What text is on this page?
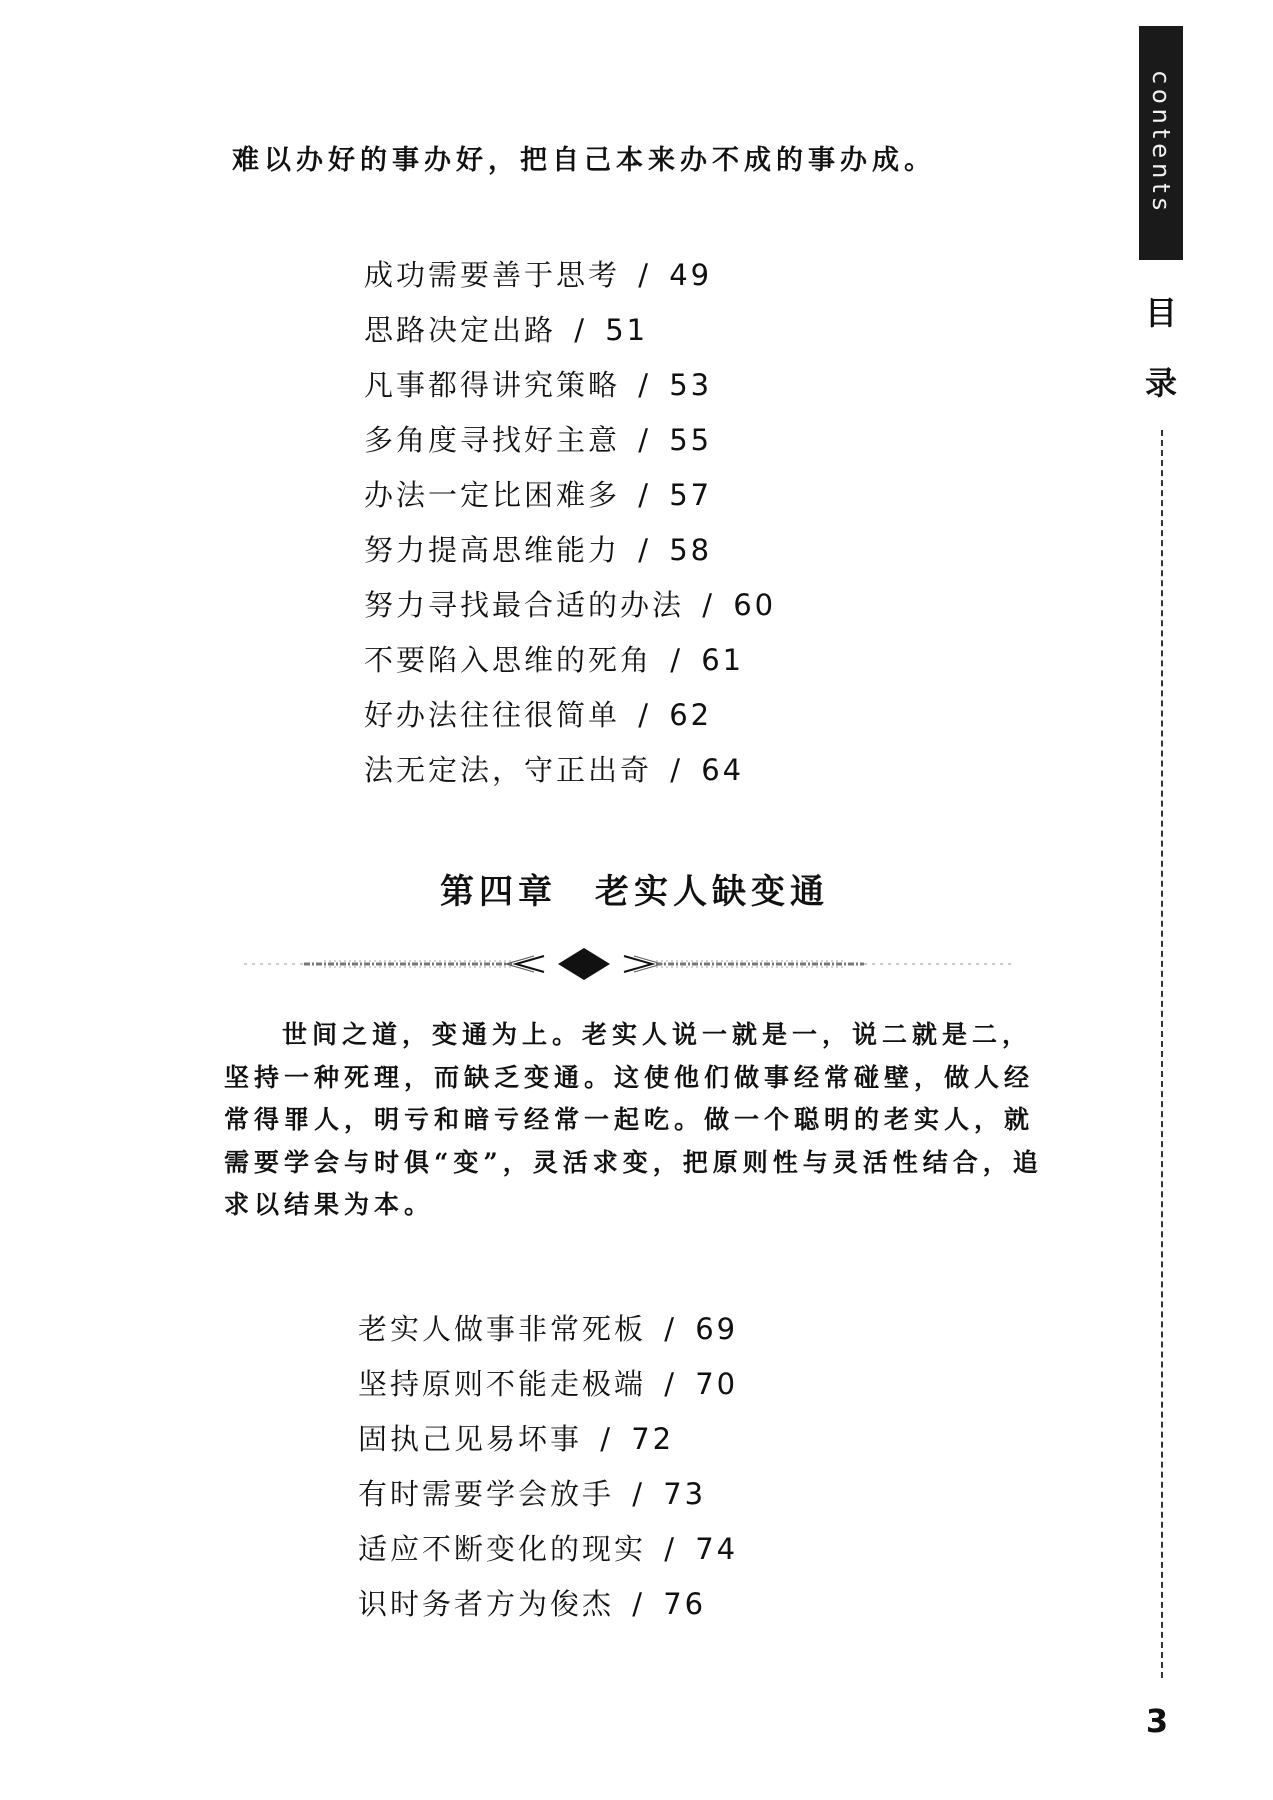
难以办好的事办好，把自己本来办不成的事办成。
成功需要善于思考 / 49
思路决定出路 / 51
凡事都得讲究策略 / 53
多角度寻找好主意 / 55
办法一定比困难多 / 57
努力提高思维能力 / 58
努力寻找最合适的办法 / 60
不要陷入思维的死角 / 61
好办法往往很简单 / 62
法无定法，守正出奇 / 64
第四章 老实人缺变通

世间之道，变通为上。老实人说一就是一，说二就是二，坚持一种死理，而缺乏变通。这使他们做事经常碰壁，做人经常得罪人，明亏和暗亏经常一起吃。做一个聪明的老实人，就需要学会与时俱“变”，灵活求变，把原则性与灵活性结合，追求以结果为本。

老实人做事非常死板 / 69
坚持原则不能走极端 / 70
固执己见易坏事 / 72
有时需要学会放手 / 73
适应不断变化的现实 / 74
识时务者方为俊杰 / 76
contents
目
录
3
